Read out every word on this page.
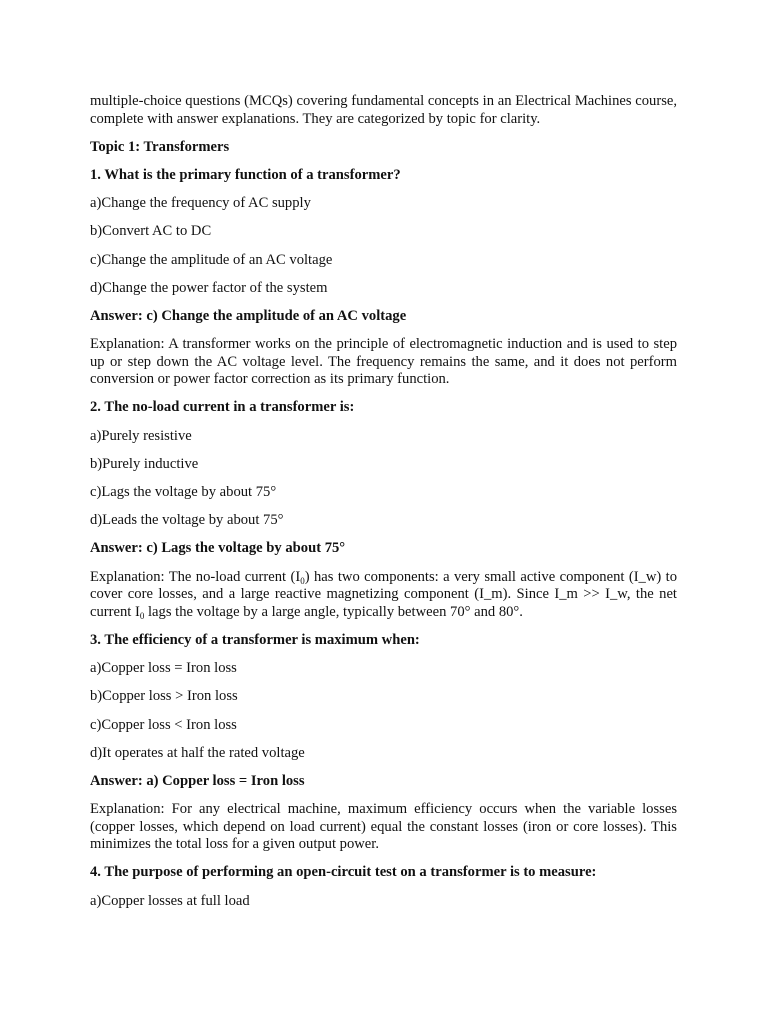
multiple-choice questions (MCQs) covering fundamental concepts in an Electrical Machines course, complete with answer explanations. They are categorized by topic for clarity.

Topic 1: Transformers

1. What is the primary function of a transformer?

a)Change the frequency of AC supply

b)Convert AC to DC

c)Change the amplitude of an AC voltage

d)Change the power factor of the system

Answer: c) Change the amplitude of an AC voltage

Explanation: A transformer works on the principle of electromagnetic induction and is used to step up or step down the AC voltage level. The frequency remains the same, and it does not perform conversion or power factor correction as its primary function.

2. The no-load current in a transformer is:

a)Purely resistive

b)Purely inductive

c)Lags the voltage by about 75°

d)Leads the voltage by about 75°

Answer: c) Lags the voltage by about 75°

Explanation: The no-load current $(I_0)$ has two components: a very small active component (I_w) to cover core losses, and a large reactive magnetizing component (I_m). Since I_m >> I_w, the net current $I_0$ lags the voltage by a large angle, typically between 70° and 80°.

3. The efficiency of a transformer is maximum when:

a)Copper loss = Iron loss

b)Copper loss > Iron loss

c)Copper loss < Iron loss

d)It operates at half the rated voltage

Answer: a) Copper loss = Iron loss

Explanation: For any electrical machine, maximum efficiency occurs when the variable losses (copper losses, which depend on load current) equal the constant losses (iron or core losses). This minimizes the total loss for a given output power.

4. The purpose of performing an open-circuit test on a transformer is to measure:

a)Copper losses at full load
